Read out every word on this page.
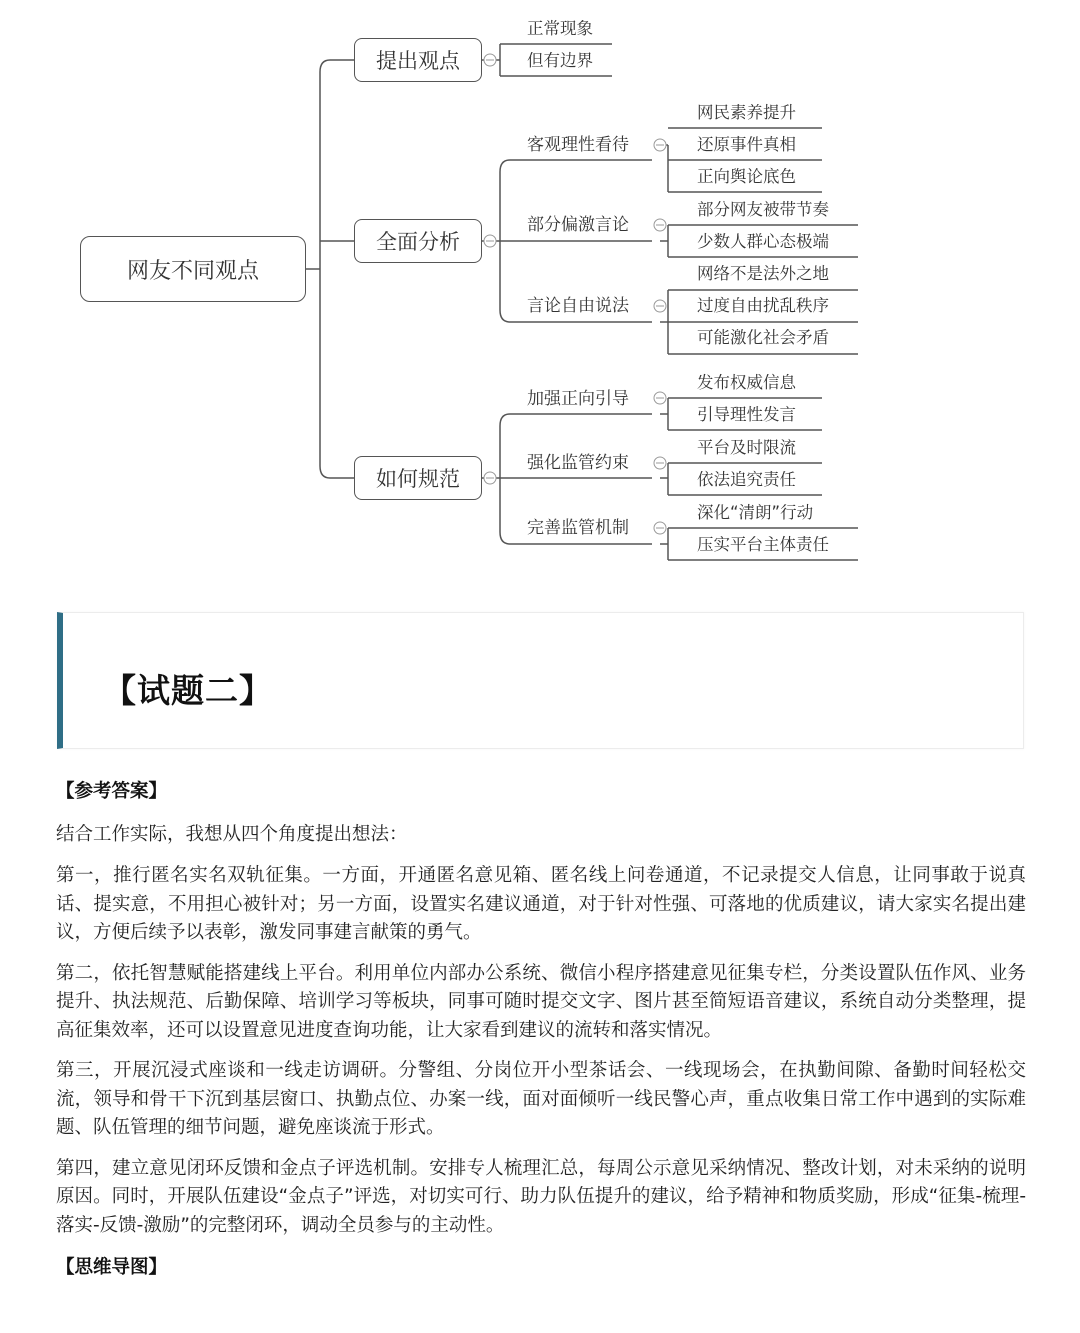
网友不同观点
提出观点
全面分析
如何规范
正常现象
但有边界
客观理性看待
部分偏激言论
言论自由说法
网民素养提升
还原事件真相
正向舆论底色
部分网友被带节奏
少数人群心态极端
网络不是法外之地
过度自由扰乱秩序
可能激化社会矛盾
加强正向引导
强化监管约束
完善监管机制
发布权威信息
引导理性发言
平台及时限流
依法追究责任
深化“清朗”行动
压实平台主体责任
【试题二】

【参考答案】

结合工作实际，我想从四个角度提出想法：

第一，推行匿名实名双轨征集。一方面，开通匿名意见箱、匿名线上问卷通道，不记录提交人信息，让同事敢于说真话、提实意，不用担心被针对；另一方面，设置实名建议通道，对于针对性强、可落地的优质建议，请大家实名提出建议，方便后续予以表彰，激发同事建言献策的勇气。

第二，依托智慧赋能搭建线上平台。利用单位内部办公系统、微信小程序搭建意见征集专栏，分类设置队伍作风、业务提升、执法规范、后勤保障、培训学习等板块，同事可随时提交文字、图片甚至简短语音建议，系统自动分类整理，提高征集效率，还可以设置意见进度查询功能，让大家看到建议的流转和落实情况。

第三，开展沉浸式座谈和一线走访调研。分警组、分岗位开小型茶话会、一线现场会，在执勤间隙、备勤时间轻松交流，领导和骨干下沉到基层窗口、执勤点位、办案一线，面对面倾听一线民警心声，重点收集日常工作中遇到的实际难题、队伍管理的细节问题，避免座谈流于形式。

第四，建立意见闭环反馈和金点子评选机制。安排专人梳理汇总，每周公示意见采纳情况、整改计划，对未采纳的说明原因。同时，开展队伍建设“金点子”评选，对切实可行、助力队伍提升的建议，给予精神和物质奖励，形成“征集-梳理-落实-反馈-激励”的完整闭环，调动全员参与的主动性。

【思维导图】
